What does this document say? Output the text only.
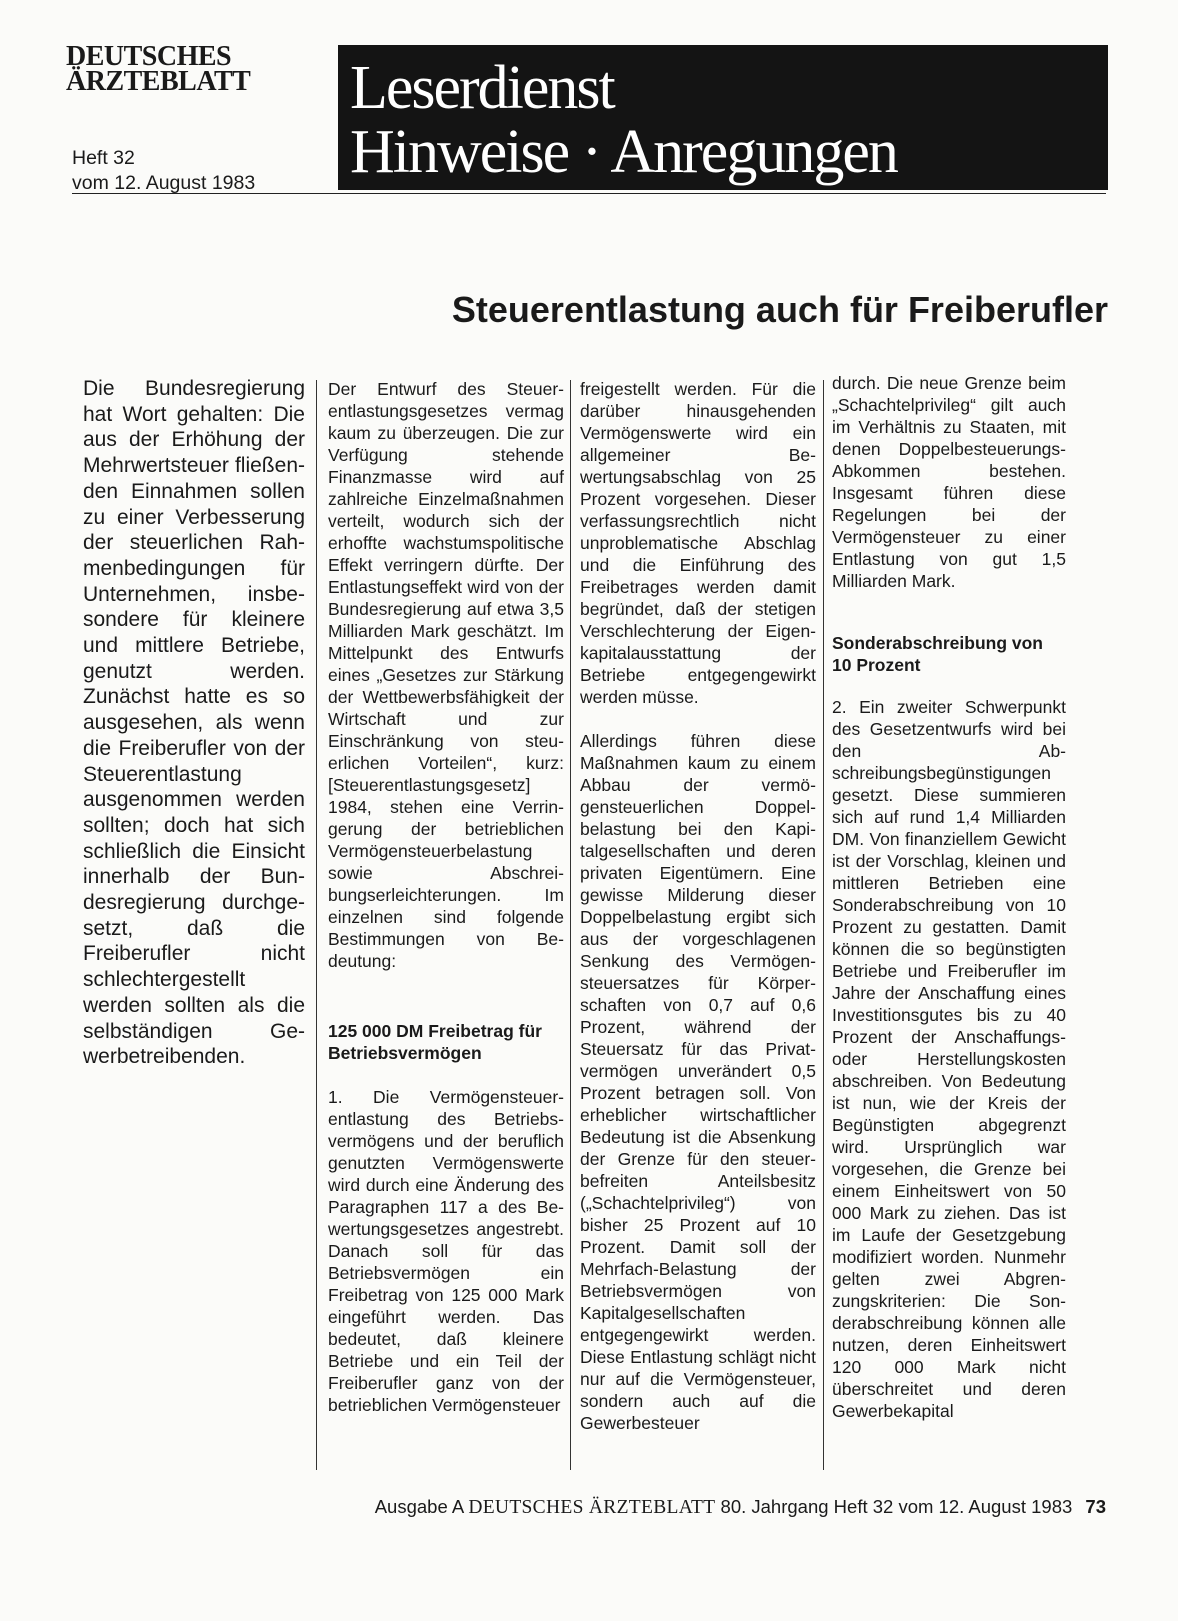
DEUTSCHES
ÄRZTEBLATT
Heft 32
vom 12. August 1983
Leserdienst
Hinweise · Anregungen
Steuerentlastung auch für Freiberufler

Die Bundesregierung hat Wort gehalten: Die aus der Erhöhung der Mehrwertsteuer fließenden Einnahmen sollen zu einer Verbesserung der steuerlichen Rahmenbedingungen für Unternehmen, insbesondere für kleinere und mittlere Betriebe, genutzt werden. Zunächst hatte es so ausgesehen, als wenn die Freiberufler von der Steuerentlastung ausgenommen werden sollten; doch hat sich schließlich die Einsicht innerhalb der Bundesregierung durchgesetzt, daß die Freiberufler nicht schlechtergestellt werden sollten als die selbständigen Gewerbetreibenden.

Der Entwurf des Steuerentlastungsgesetzes vermag kaum zu überzeugen. Die zur Verfügung stehende Finanzmasse wird auf zahlreiche Einzelmaßnahmen verteilt, wodurch sich der erhoffte wachstumspolitische Effekt verringern dürfte. Der Entlastungseffekt wird von der Bundesregierung auf etwa 3,5 Milliarden Mark geschätzt. Im Mittelpunkt des Entwurfs eines „Gesetzes zur Stärkung der Wettbewerbsfähigkeit der Wirtschaft und zur Einschränkung von steuerlichen Vorteilen“, kurz: [Steuerentlastungsgesetz] 1984, stehen eine Verringerung der betrieblichen Vermögensteuerbelastung sowie Abschreibungserleichterungen. Im einzelnen sind folgende Bestimmungen von Bedeutung:

125 000 DM Freibetrag für Betriebsvermögen

1. Die Vermögensteuerentlastung des Betriebsvermögens und der beruflich genutzten Vermögenswerte wird durch eine Änderung des Paragraphen 117 a des Bewertungsgesetzes angestrebt. Danach soll für das Betriebsvermögen ein Freibetrag von 125 000 Mark eingeführt werden. Das bedeutet, daß kleinere Betriebe und ein Teil der Freiberufler ganz von der betrieblichen Vermögensteuer

freigestellt werden. Für die darüber hinausgehenden Vermögenswerte wird ein allgemeiner Bewertungsabschlag von 25 Prozent vorgesehen. Dieser verfassungsrechtlich nicht unproblematische Abschlag und die Einführung des Freibetrages werden damit begründet, daß der stetigen Verschlechterung der Eigenkapitalausstattung der Betriebe entgegengewirkt werden müsse.

Allerdings führen diese Maßnahmen kaum zu einem Abbau der vermögensteuerlichen Doppelbelastung bei den Kapitalgesellschaften und deren privaten Eigentümern. Eine gewisse Milderung dieser Doppelbelastung ergibt sich aus der vorgeschlagenen Senkung des Vermögensteuersatzes für Körperschaften von 0,7 auf 0,6 Prozent, während der Steuersatz für das Privatvermögen unverändert 0,5 Prozent betragen soll. Von erheblicher wirtschaftlicher Bedeutung ist die Absenkung der Grenze für den steuerbefreiten Anteilsbesitz („Schachtelprivileg“) von bisher 25 Prozent auf 10 Prozent. Damit soll der Mehrfach-Belastung der Betriebsvermögen von Kapitalgesellschaften entgegengewirkt werden. Diese Entlastung schlägt nicht nur auf die Vermögensteuer, sondern auch auf die Gewerbesteuer

durch. Die neue Grenze beim „Schachtelprivileg“ gilt auch im Verhältnis zu Staaten, mit denen Doppelbesteuerungs-Abkommen bestehen. Insgesamt führen diese Regelungen bei der Vermögensteuer zu einer Entlastung von gut 1,5 Milliarden Mark.

Sonderabschreibung von 10 Prozent

2. Ein zweiter Schwerpunkt des Gesetzentwurfs wird bei den Abschreibungsbegünstigungen gesetzt. Diese summieren sich auf rund 1,4 Milliarden DM. Von finanziellem Gewicht ist der Vorschlag, kleinen und mittleren Betrieben eine Sonderabschreibung von 10 Prozent zu gestatten. Damit können die so begünstigten Betriebe und Freiberufler im Jahre der Anschaffung eines Investitionsgutes bis zu 40 Prozent der Anschaffungs- oder Herstellungskosten abschreiben. Von Bedeutung ist nun, wie der Kreis der Begünstigten abgegrenzt wird. Ursprünglich war vorgesehen, die Grenze bei einem Einheitswert von 50 000 Mark zu ziehen. Das ist im Laufe der Gesetzgebung modifiziert worden. Nunmehr gelten zwei Abgrenzungskriterien: Die Sonderabschreibung können alle nutzen, deren Einheitswert 120 000 Mark nicht überschreitet und deren Gewerbekapital

Ausgabe A DEUTSCHES ÄRZTEBLATT 80. Jahrgang Heft 32 vom 12. August 1983 73
